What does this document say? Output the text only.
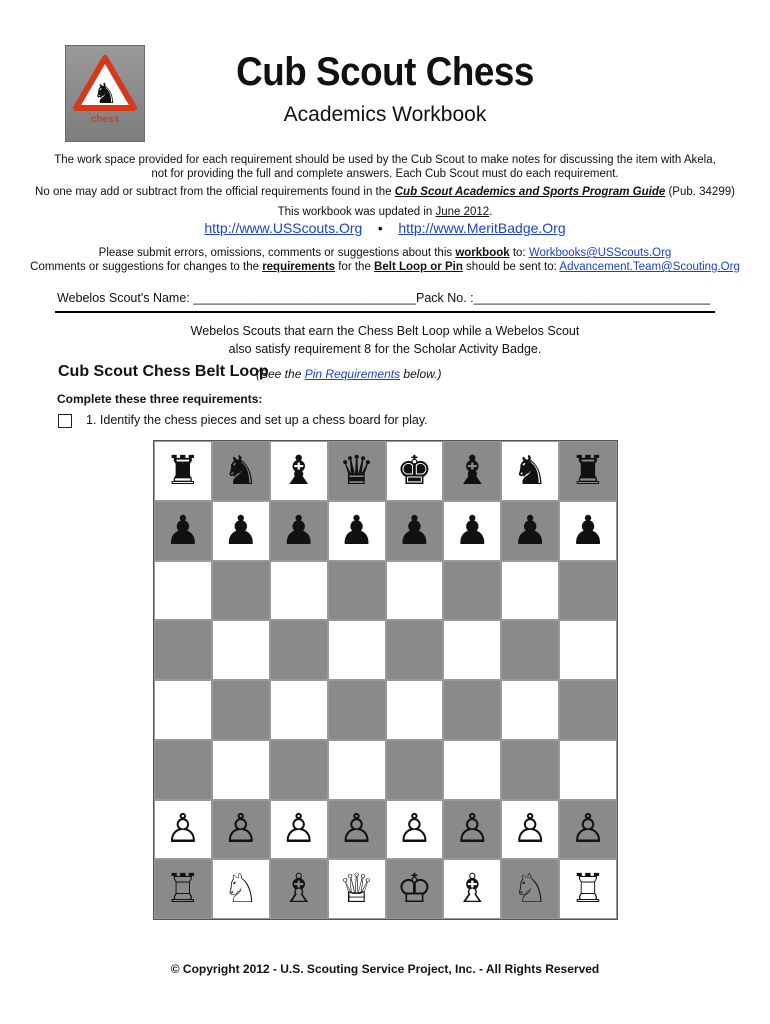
♞
chess
Cub Scout Chess
Academics Workbook
The work space provided for each requirement should be used by the Cub Scout to make notes for discussing the item with Akela,
not for providing the full and complete answers. Each Cub Scout must do each requirement.
No one may add or subtract from the official requirements found in the Cub Scout Academics and Sports Program Guide (Pub. 34299)
This workbook was updated in June 2012.
http://www.USScouts.Org • http://www.MeritBadge.Org
Please submit errors, omissions, comments or suggestions about this workbook to: Workbooks@USScouts.Org
Comments or suggestions for changes to the requirements for the Belt Loop or Pin should be sent to: Advancement.Team@Scouting.Org
Webelos Scout's Name: ________________________________ Pack No. :__________________________________
Webelos Scouts that earn the Chess Belt Loop while a Webelos Scout
also satisfy requirement 8 for the Scholar Activity Badge.
Cub Scout Chess Belt Loop
(See the Pin Requirements below.)
Complete these three requirements:
1. Identify the chess pieces and set up a chess board for play.
♜ ♞ ♝ ♛ ♚ ♝ ♞ ♜
♟ ♟ ♟ ♟ ♟ ♟ ♟ ♟
♙ ♙ ♙ ♙ ♙ ♙ ♙ ♙
♖ ♘ ♗ ♕ ♔ ♗ ♘ ♖
© Copyright 2012 - U.S. Scouting Service Project, Inc. - All Rights Reserved
